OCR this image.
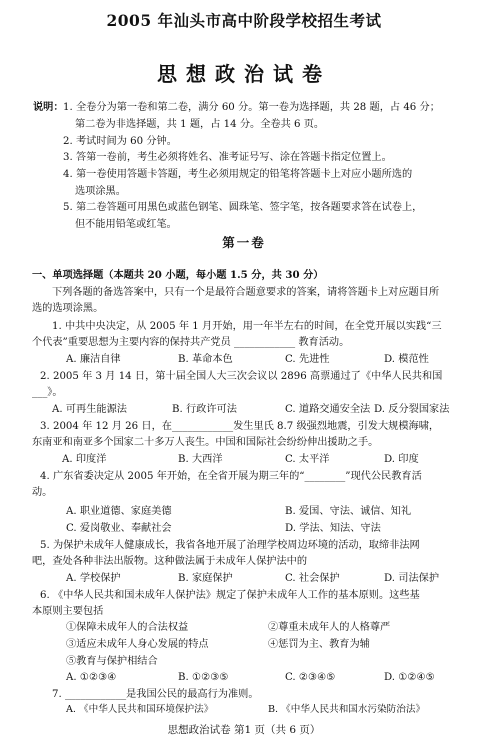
2005 年汕头市高中阶段学校招生考试
思想政治试卷
说明： 1. 全卷分为第一卷和第二卷，满分 60 分。第一卷为选择题，共 28 题，占 46 分；
第二卷为非选择题，共 1 题，占 14 分。全卷共 6 页。
2. 考试时间为 60 分钟。
3. 答第一卷前，考生必须将姓名、准考证号写、涂在答题卡指定位置上。
4. 第一卷使用答题卡答题，考生必须用规定的铅笔将答题卡上对应小题所选的
选项涂黑。
5. 第二卷答题可用黑色或蓝色钢笔、圆珠笔、签字笔，按各题要求答在试卷上，
但不能用铅笔或红笔。
第一卷
一、单项选择题（本题共 20 小题，每小题 1.5 分，共 30 分）
下列各题的备选答案中，只有一个是最符合题意要求的答案，请将答题卡上对应题目所
选的选项涂黑。
1. 中共中央决定，从 2005 年 1 月开始，用一年半左右的时间，在全党开展以实践“三
个代表”重要思想为主要内容的保持共产党员 ____________ 教育活动。
A. 廉洁自律	B. 革命本色	C. 先进性	D. 模范性
2. 2005 年 3 月 14 日，第十届全国人大三次会议以 2896 高票通过了《中华人民共和国
___》。
A. 可再生能源法	B. 行政许可法	C. 道路交通安全法 D. 反分裂国家法
3. 2004 年 12 月 26 日，在____________发生里氏 8.7 级强烈地震，引发大规模海啸，
东南亚和南亚多个国家二十多万人丧生。中国和国际社会纷纷伸出援助之手。
A. 印度洋	B. 大西洋	C. 太平洋	D. 印度
4. 广东省委决定从 2005 年开始，在全省开展为期三年的“________”现代公民教育活
动。
A. 职业道德、家庭美德	B. 爱国、守法、诚信、知礼
C. 爱岗敬业、奉献社会	D. 学法、知法、守法
5. 为保护未成年人健康成长，我省各地开展了治理学校周边环境的活动，取缔非法网
吧，查处各种非法出版物。这种做法属于未成年人保护法中的
A. 学校保护	B. 家庭保护	C. 社会保护	D. 司法保护
6. 《中华人民共和国未成年人保护法》规定了保护未成年人工作的基本原则。这些基
本原则主要包括
①保障未成年人的合法权益	②尊重未成年人的人格尊严
③适应未成年人身心发展的特点	④惩罚为主、教育为辅
⑤教育与保护相结合
A. ①②③④	B. ①②③⑤	C. ②③④⑤	D. ①②④⑤
7. ____________是我国公民的最高行为准则。
A. 《中华人民共和国环境保护法》	B. 《中华人民共和国水污染防治法》
思想政治试卷 第1 页（共 6 页）
